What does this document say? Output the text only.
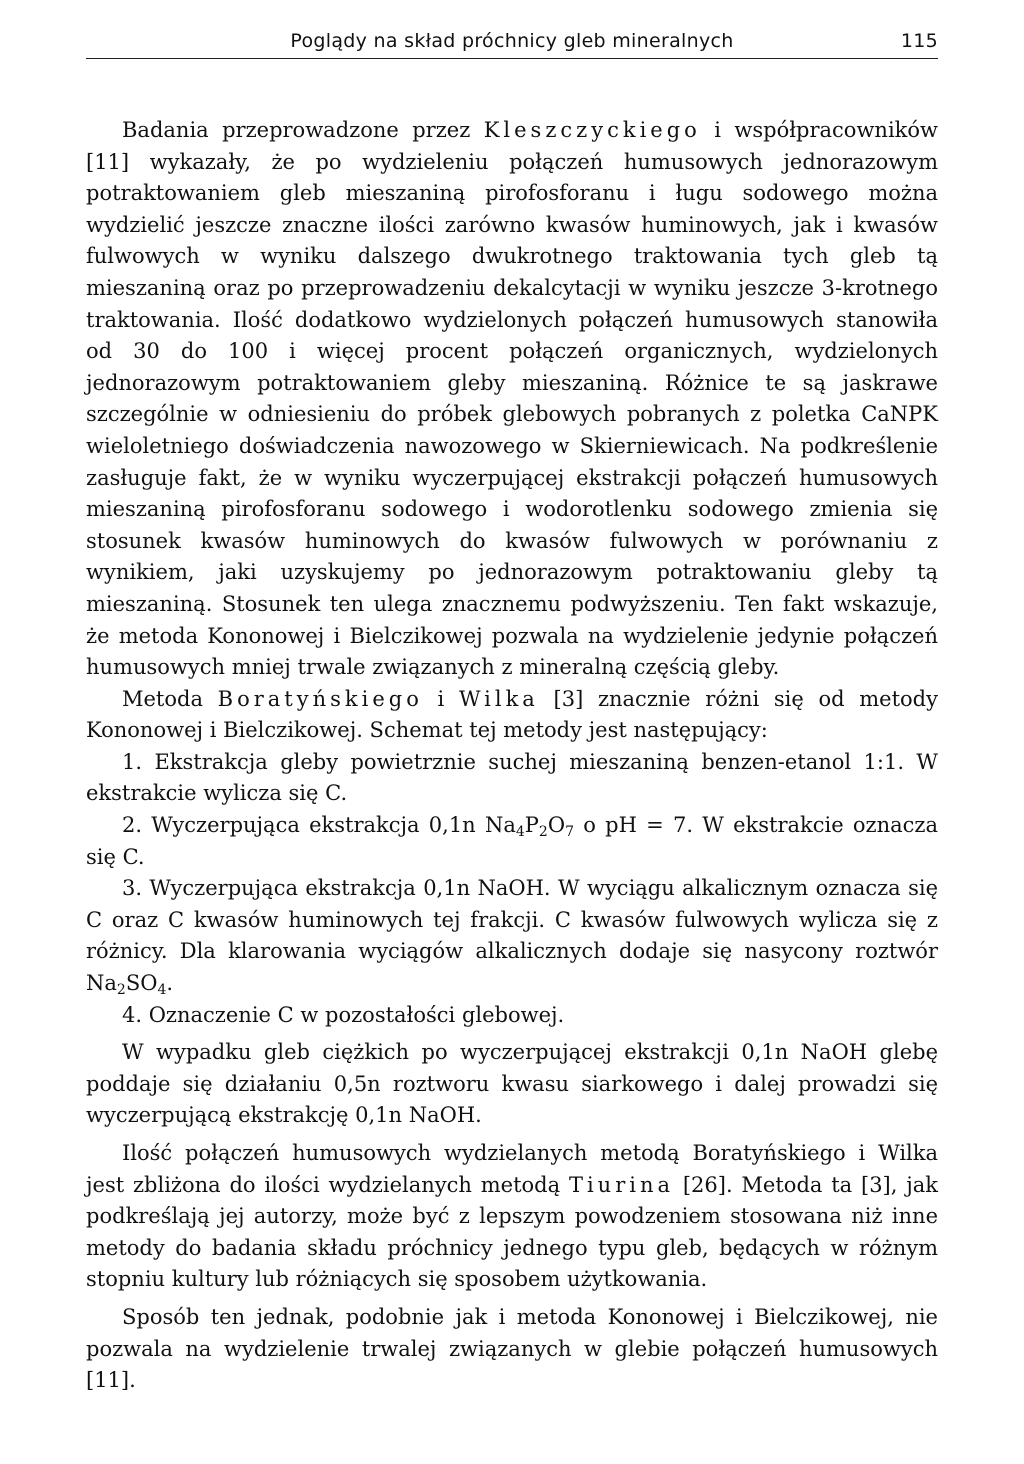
Poglądy na skład próchnicy gleb mineralnych	115

Badania przeprowadzone przez Kleszczyckiego i współpracowników [11] wykazały, że po wydzieleniu połączeń humusowych jednorazowym potraktowaniem gleb mieszaniną pirofosforanu i ługu sodowego można wydzielić jeszcze znaczne ilości zarówno kwasów huminowych, jak i kwasów fulwowych w wyniku dalszego dwukrotnego traktowania tych gleb tą mieszaniną oraz po przeprowadzeniu dekalcytacji w wyniku jeszcze 3-krotnego traktowania. Ilość dodatkowo wydzielonych połączeń humusowych stanowiła od 30 do 100 i więcej procent połączeń organicznych, wydzielonych jednorazowym potraktowaniem gleby mieszaniną. Różnice te są jaskrawe szczególnie w odniesieniu do próbek glebowych pobranych z poletka CaNPK wieloletniego doświadczenia nawozowego w Skierniewicach. Na podkreślenie zasługuje fakt, że w wyniku wyczerpującej ekstrakcji połączeń humusowych mieszaniną pirofosforanu sodowego i wodorotlenku sodowego zmienia się stosunek kwasów huminowych do kwasów fulwowych w porównaniu z wynikiem, jaki uzyskujemy po jednorazowym potraktowaniu gleby tą mieszaniną. Stosunek ten ulega znacznemu podwyższeniu. Ten fakt wskazuje, że metoda Kononowej i Bielczikowej pozwala na wydzielenie jedynie połączeń humusowych mniej trwale związanych z mineralną częścią gleby.

Metoda Boratyńskiego i Wilka [3] znacznie różni się od metody Kononowej i Bielczikowej. Schemat tej metody jest następujący:

1. Ekstrakcja gleby powietrznie suchej mieszaniną benzen-etanol 1:1. W ekstrakcie wylicza się C.

2. Wyczerpująca ekstrakcja 0,1n $Na_4P_2O_7$ o pH = 7. W ekstrakcie oznacza się C.

3. Wyczerpująca ekstrakcja 0,1n NaOH. W wyciągu alkalicznym oznacza się C oraz C kwasów huminowych tej frakcji. C kwasów fulwowych wylicza się z różnicy. Dla klarowania wyciągów alkalicznych dodaje się nasycony roztwór $Na_2SO_4$.

4. Oznaczenie C w pozostałości glebowej.

W wypadku gleb ciężkich po wyczerpującej ekstrakcji 0,1n NaOH glebę poddaje się działaniu 0,5n roztworu kwasu siarkowego i dalej prowadzi się wyczerpującą ekstrakcję 0,1n NaOH.

Ilość połączeń humusowych wydzielanych metodą Boratyńskiego i Wilka jest zbliżona do ilości wydzielanych metodą Tiurina [26]. Metoda ta [3], jak podkreślają jej autorzy, może być z lepszym powodzeniem stosowana niż inne metody do badania składu próchnicy jednego typu gleb, będących w różnym stopniu kultury lub różniących się sposobem użytkowania.

Sposób ten jednak, podobnie jak i metoda Kononowej i Bielczikowej, nie pozwala na wydzielenie trwalej związanych w glebie połączeń humusowych [11].
